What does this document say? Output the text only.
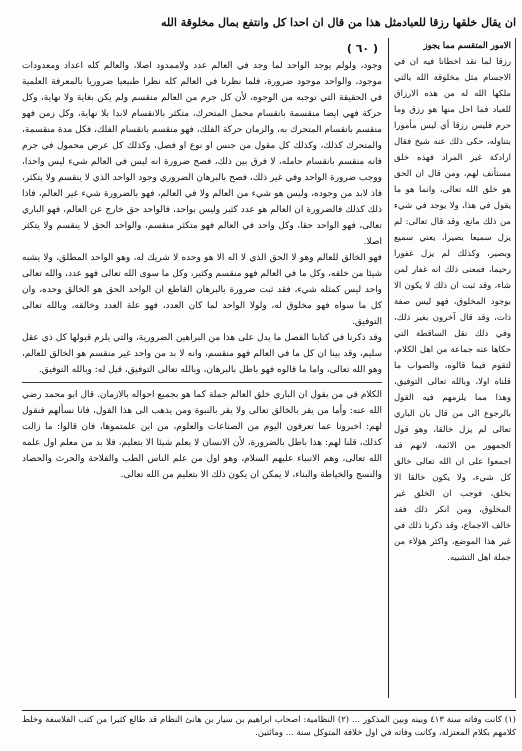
ان يقال خلقها رزقا للعبادمثل هذا من قال ان احدا كل وانتفع بمال مخلوقة الله
( ٦٠ )

وجود، ولولم يوجد الواحد لما وجد في العالم عدد ولاممدود اصلا، والعالم كله اعداد ومعدودات موجود، والواحد موجود ضرورة، فلما نظرنا في العالم كله نظرا طبيعيا ضروريا بالمعرفة العلمية في الحقيقة التي توجبه من الوجوه، لأن كل جرم من العالم منقسم ولم يكن بغاية ولا نهاية، وكل حركة فهي ايضا منقسمة بانقسام محمل المتحرك، متكثر بالانقسام لابدا بلا نهاية، وكل زمن فهو منقسم بانقسام المتحرك به، والزمان حركة الفلك، فهو منقسم بانقسام الفلك، فكل مدة منقسمة، والمتحرك كذلك، وكذلك كل مقول من جنس او نوع او فصل، وكذلك كل عرض محمول في جرم فانه منقسم بانقسام حامله، لا فرق بين ذلك، فصح ضرورة انه ليس في العالم شيء ليس واحدا، ووجب ضرورة الواحد وفي غير ذلك، فصح بالبرهان الضروري وجود الواحد الذي لا ينقسم ولا يتكثر، فاذ لابد من وجوده، وليس هو شيء من العالم ولا في العالم، فهو بالضرورة شيء غير العالم، فاذا ذلك كذلك فالضرورة ان العالم هو عدد كثير وليس بواحد، فالواحد حق خارج عن العالم، فهو الباري تعالى، فهو الواحد حقا، وكل واحد في العالم فهو متكثر منقسم، والواحد الحق لا ينقسم ولا يتكثر اصلا.

فهو الخالق للعالم وهو لا الحق الذي لا اله الا هو وحده لا شريك له، وهو الواحد المطلق، ولا يشبه شيئا من خلقه، وكل ما في العالم فهو منقسم وكثير، وكل ما سوى الله تعالى فهو عدد، والله تعالى واحد ليس كمثله شيء، فقد ثبت ضرورة بالبرهان القاطع ان الواحد الحق هو الخالق وحده، وان كل ما سواه فهو مخلوق له، ولولا الواحد لما كان العدد، فهو علة العدد وخالقه، وبالله تعالى التوفيق.

وقد ذكرنا في كتابنا الفصل ما يدل على هذا من البراهين الضرورية، والتي يلزم قبولها كل ذي عقل سليم، وقد بينا ان كل ما في العالم فهو منقسم، وانه لا بد من واحد غير منقسم هو الخالق للعالم، وهو الله تعالى، واما ما قالوه فهو باطل بالبرهان، وبالله تعالى التوفيق، قيل له: وبالله التوفيق.

الكلام في من يقول ان الباري خلق العالم جملة كما هو بجميع احواله بالازمان. قال ابو محمد رضي الله عنه: وأما من يقر بالخالق تعالى ولا يقر بالنبوة ومن يذهب الى هذا القول، فانا نسألهم فنقول لهم: اخبرونا عما تعرفون اليوم من الصناعات والعلوم، من اين علمتموها، فان قالوا: ما زالت كذلك، قلنا لهم: هذا باطل بالضرورة، لأن الانسان لا يعلم شيئا الا بتعليم، فلا بد من معلم اول علمه الله تعالى، وهم الانبياء عليهم السلام، وهو اول من علم الناس الطب والفلاحة والحرث والحصاد والنسج والخياطة والبناء، لا يمكن ان يكون ذلك الا بتعليم من الله تعالى.

الامور المتقسم مما يجوز
رزقا لما نقد اخطانا فيه ان في الاجسام مثل مخلوقة الله بالتي ملكها الله له من هذه الارزاق للعباد فما احل منها هو رزق وما حرم فليس رزقا أي ليس مأمورا بتناوله، حكى ذلك عنه شيخ فقال ارادكة غير المراد فهذه خلق مستأنف لهم، ومن قال ان الحق هو خلق الله تعالى، وانما هو ما يقول في هذا، ولا يوجد في شيء من ذلك مانع، وقد قال تعالى: لم يزل سميعا بصيرا، يعني سميع وبصير، وكذلك لم يزل غفورا رحيما، فمعنى ذلك انه غفار لمن شاء، وقد ثبت ان ذلك لا يكون الا بوجود المخلوق، فهو ليس صفة ذات، وقد قال آخرون بغير ذلك، وفي ذلك نقل الساقطة التي حكاها عنه جماعة من اهل الكلام، لتقوم فيما قالوه، والصواب ما قلناه اولا، وبالله تعالى التوفيق، وهذا مما يلزمهم فيه القول بالرجوع الى من قال بان الباري تعالى لم يزل خالقا، وهو قول الجمهور من الائمة، لانهم قد اجمعوا على ان الله تعالى خالق كل شيء، ولا يكون خالقا الا بخلق، فوجب ان الخلق غير المخلوق، ومن انكر ذلك فقد خالف الاجماع، وقد ذكرنا ذلك في غير هذا الموضع، واكثر هؤلاء من جملة اهل التشبيه.
(١) كانت وفاته سنة ٤١٣ وبينه وبين المذكور ... (٢) النظامية: اصحاب ابراهيم بن سيار بن هانئ النظام قد طالع كثيرا من كتب الفلاسفة وخلط كلامهم بكلام المعتزلة، وكانت وفاته في اول خلافة المتوكل سنة ... ومائتين.
